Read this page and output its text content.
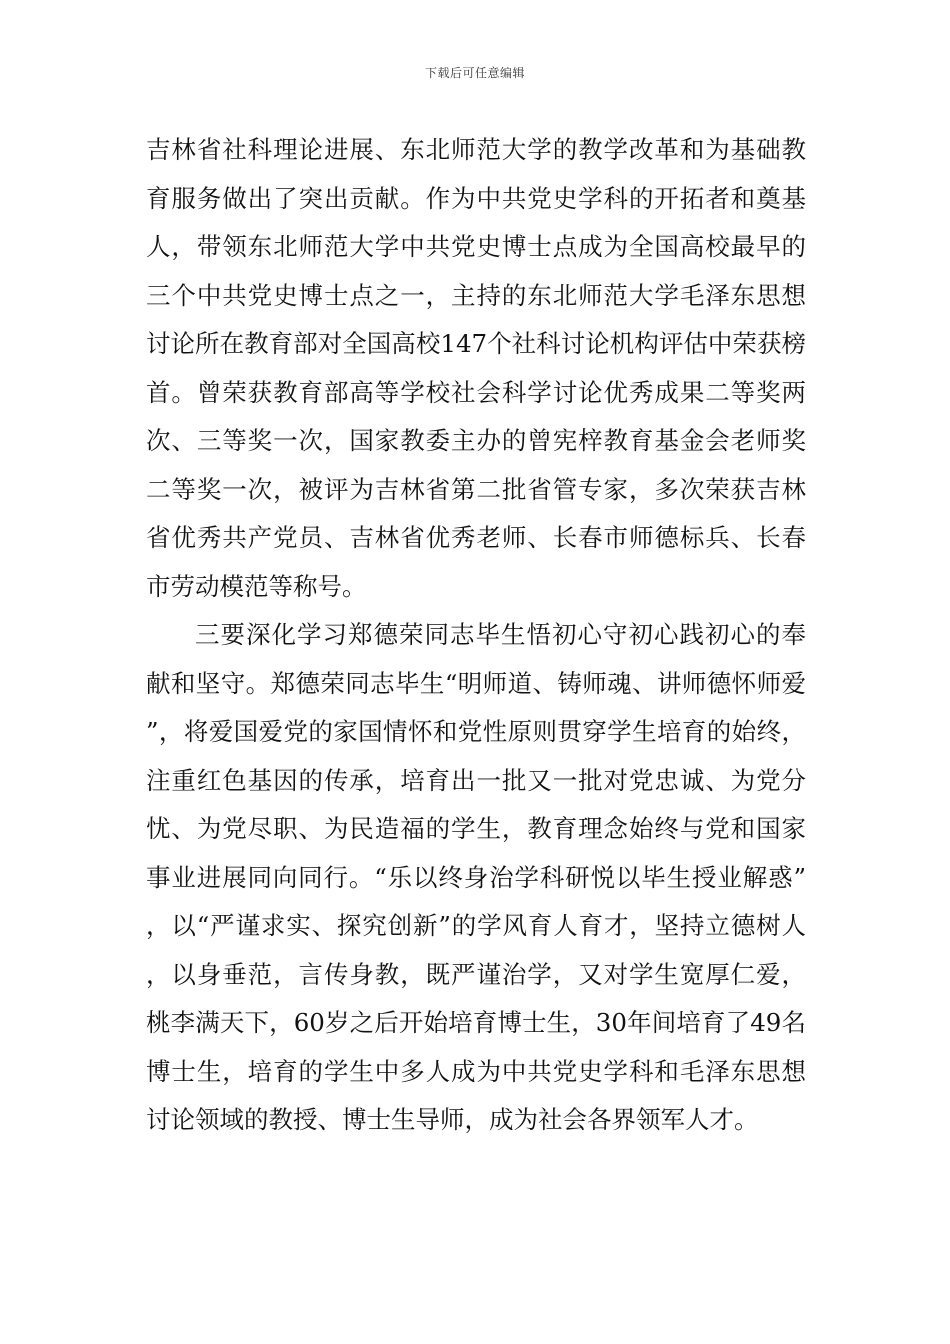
下载后可任意编辑

吉林省社科理论进展、东北师范大学的教学改革和为基础教育服务做出了突出贡献。作为中共党史学科的开拓者和奠基人，带领东北师范大学中共党史博士点成为全国高校最早的三个中共党史博士点之一，主持的东北师范大学毛泽东思想讨论所在教育部对全国高校147个社科讨论机构评估中荣获榜首。曾荣获教育部高等学校社会科学讨论优秀成果二等奖两次、三等奖一次，国家教委主办的曾宪梓教育基金会老师奖二等奖一次，被评为吉林省第二批省管专家，多次荣获吉林省优秀共产党员、吉林省优秀老师、长春市师德标兵、长春市劳动模范等称号。

三要深化学习郑德荣同志毕生悟初心守初心践初心的奉献和坚守。郑德荣同志毕生“明师道、铸师魂、讲师德怀师爱”，将爱国爱党的家国情怀和党性原则贯穿学生培育的始终，注重红色基因的传承，培育出一批又一批对党忠诚、为党分忧、为党尽职、为民造福的学生，教育理念始终与党和国家事业进展同向同行。“乐以终身治学科研悦以毕生授业解惑”，以“严谨求实、探究创新”的学风育人育才，坚持立德树人，以身垂范，言传身教，既严谨治学，又对学生宽厚仁爱，桃李满天下，60岁之后开始培育博士生，30年间培育了49名博士生，培育的学生中多人成为中共党史学科和毛泽东思想讨论领域的教授、博士生导师，成为社会各界领军人才。
